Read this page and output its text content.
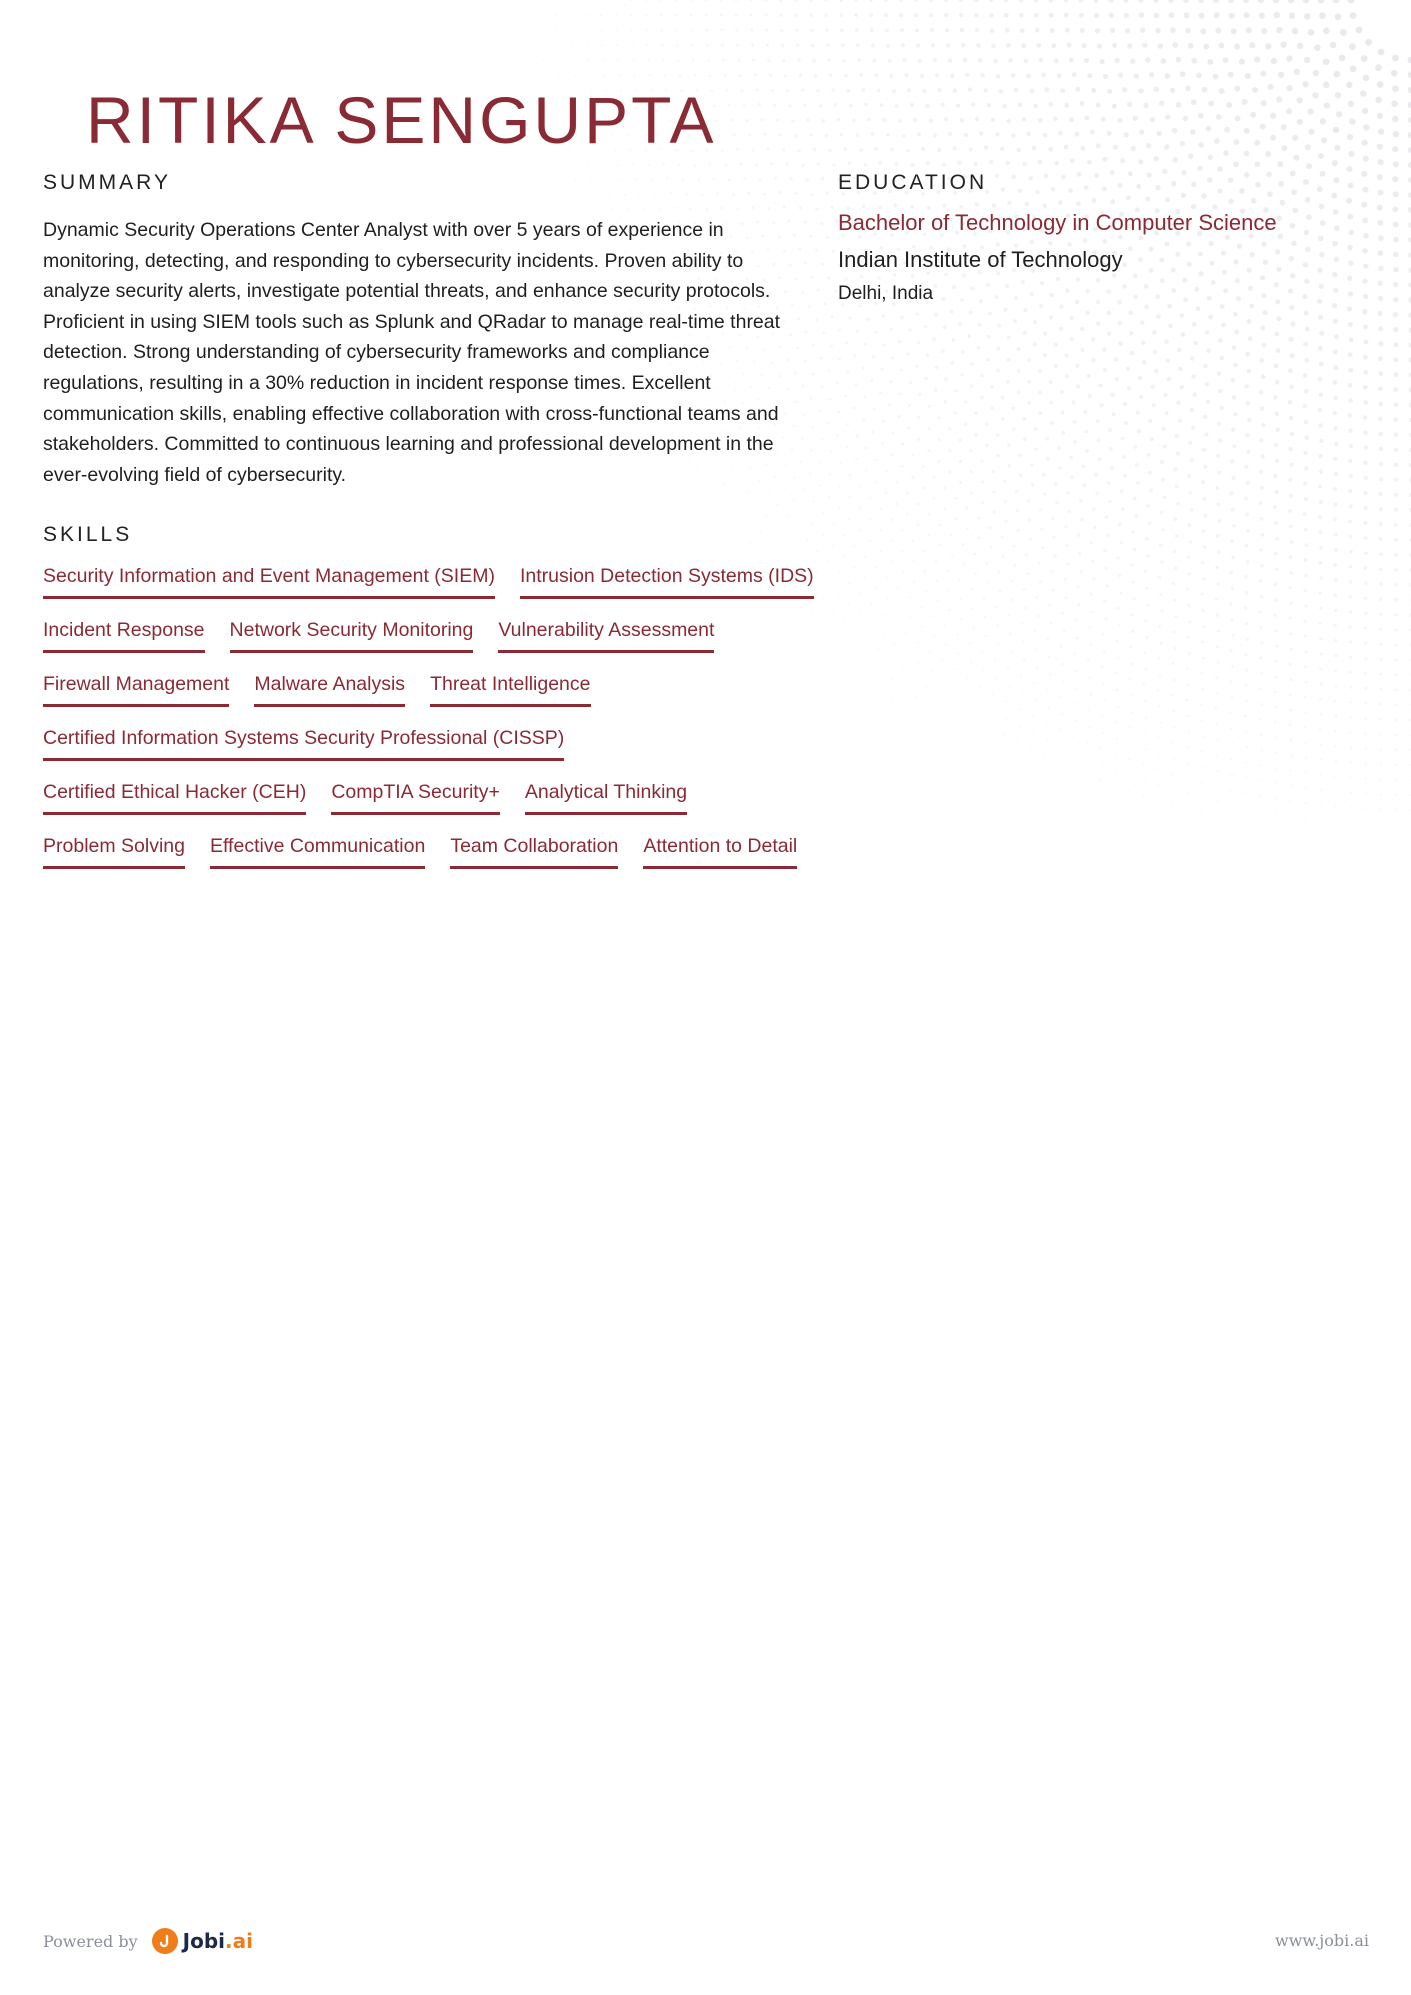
RITIKA SENGUPTA
SUMMARY
Dynamic Security Operations Center Analyst with over 5 years of experience in monitoring, detecting, and responding to cybersecurity incidents. Proven ability to analyze security alerts, investigate potential threats, and enhance security protocols. Proficient in using SIEM tools such as Splunk and QRadar to manage real-time threat detection. Strong understanding of cybersecurity frameworks and compliance regulations, resulting in a 30% reduction in incident response times. Excellent communication skills, enabling effective collaboration with cross-functional teams and stakeholders. Committed to continuous learning and professional development in the ever-evolving field of cybersecurity.
SKILLS
Security Information and Event Management (SIEM) Intrusion Detection Systems (IDS)
Incident Response Network Security Monitoring Vulnerability Assessment
Firewall Management Malware Analysis Threat Intelligence
Certified Information Systems Security Professional (CISSP)
Certified Ethical Hacker (CEH) CompTIA Security+ Analytical Thinking
Problem Solving Effective Communication Team Collaboration Attention to Detail
EDUCATION
Bachelor of Technology in Computer Science
Indian Institute of Technology
Delhi, India
Powered by Jobi.ai	www.jobi.ai
